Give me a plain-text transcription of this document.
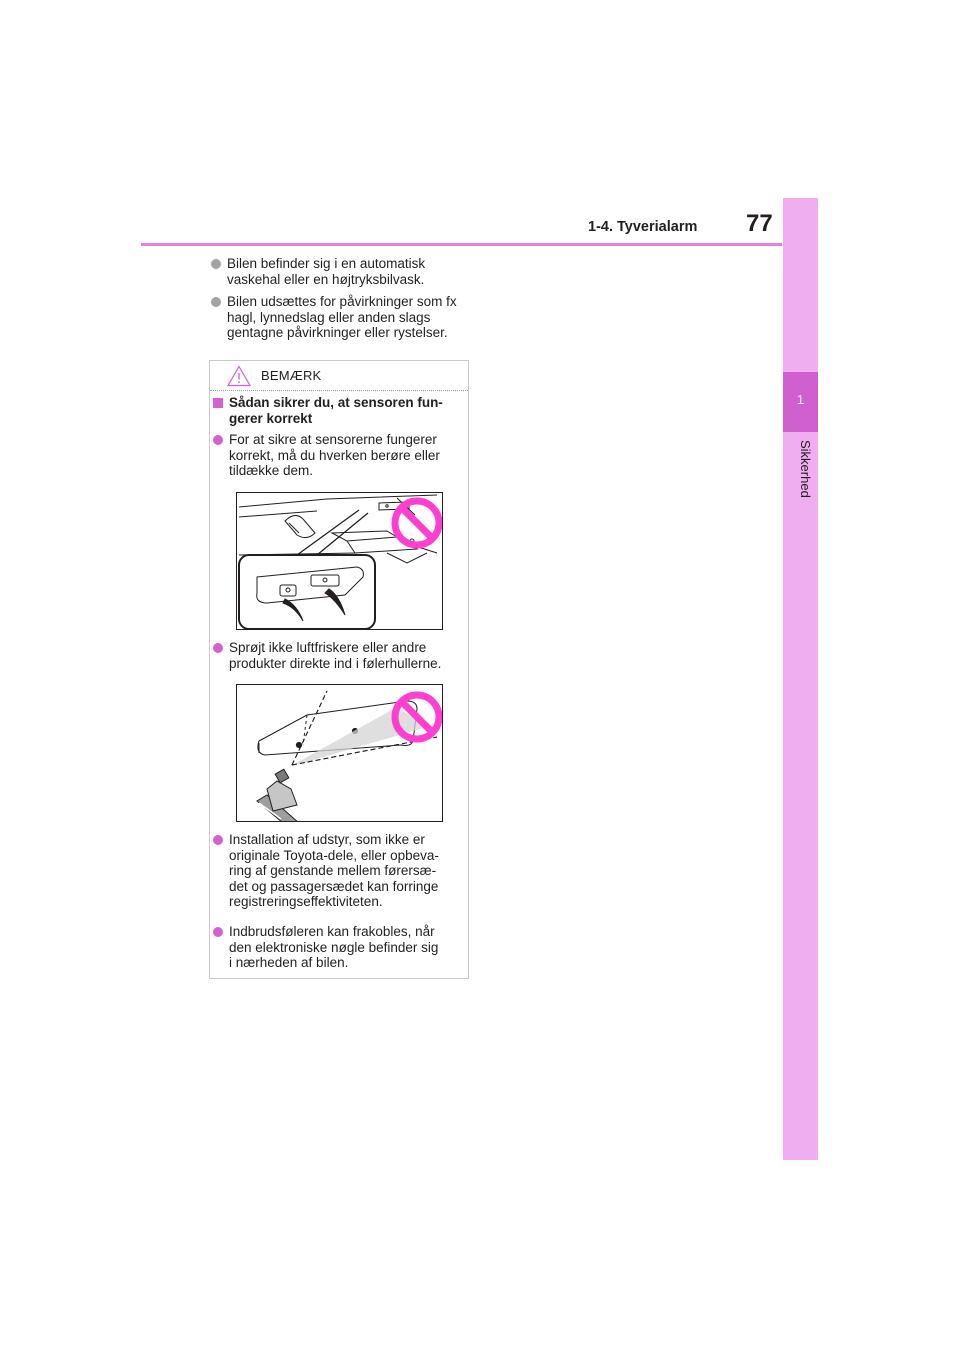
1-4. Tyverialarm 77
1
Sikkerhed
Bilen befinder sig i en automatisk
vaskehal eller en højtryksbilvask.
Bilen udsættes for påvirkninger som fx
hagl, lynnedslag eller anden slags
gentagne påvirkninger eller rystelser.
BEMÆRK
Sådan sikrer du, at sensoren fun-
gerer korrekt
For at sikre at sensorerne fungerer
korrekt, må du hverken berøre eller
tildække dem.
Sprøjt ikke luftfriskere eller andre
produkter direkte ind i følerhullerne.
Installation af udstyr, som ikke er
originale Toyota-dele, eller opbeva-
ring af genstande mellem førersæ-
det og passagersædet kan forringe
registreringseffektiviteten.
Indbrudsføleren kan frakobles, når
den elektroniske nøgle befinder sig
i nærheden af bilen.
